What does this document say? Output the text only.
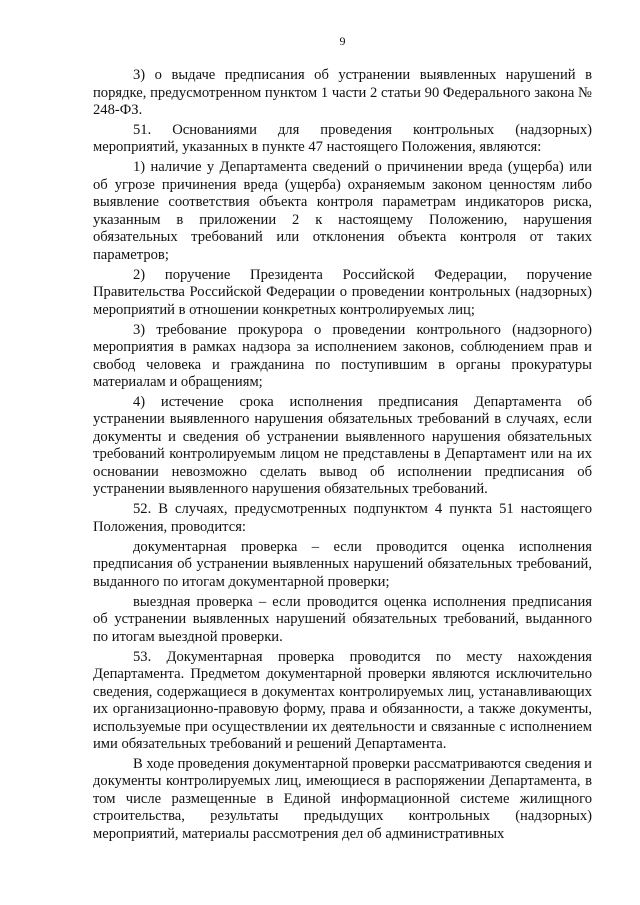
9

3) о выдаче предписания об устранении выявленных нарушений в порядке, предусмотренном пунктом 1 части 2 статьи 90 Федерального закона № 248-ФЗ.

51. Основаниями для проведения контрольных (надзорных) мероприятий, указанных в пункте 47 настоящего Положения, являются:

1) наличие у Департамента сведений о причинении вреда (ущерба) или об угрозе причинения вреда (ущерба) охраняемым законом ценностям либо выявление соответствия объекта контроля параметрам индикаторов риска, указанным в приложении 2 к настоящему Положению, нарушения обязательных требований или отклонения объекта контроля от таких параметров;

2) поручение Президента Российской Федерации, поручение Правительства Российской Федерации о проведении контрольных (надзорных) мероприятий в отношении конкретных контролируемых лиц;

3) требование прокурора о проведении контрольного (надзорного) мероприятия в рамках надзора за исполнением законов, соблюдением прав и свобод человека и гражданина по поступившим в органы прокуратуры материалам и обращениям;

4) истечение срока исполнения предписания Департамента об устранении выявленного нарушения обязательных требований в случаях, если документы и сведения об устранении выявленного нарушения обязательных требований контролируемым лицом не представлены в Департамент или на их основании невозможно сделать вывод об исполнении предписания об устранении выявленного нарушения обязательных требований.

52. В случаях, предусмотренных подпунктом 4 пункта 51 настоящего Положения, проводится:

документарная проверка – если проводится оценка исполнения предписания об устранении выявленных нарушений обязательных требований, выданного по итогам документарной проверки;

выездная проверка – если проводится оценка исполнения предписания об устранении выявленных нарушений обязательных требований, выданного по итогам выездной проверки.

53. Документарная проверка проводится по месту нахождения Департамента. Предметом документарной проверки являются исключительно сведения, содержащиеся в документах контролируемых лиц, устанавливающих их организационно-правовую форму, права и обязанности, а также документы, используемые при осуществлении их деятельности и связанные с исполнением ими обязательных требований и решений Департамента.

В ходе проведения документарной проверки рассматриваются сведения и документы контролируемых лиц, имеющиеся в распоряжении Департамента, в том числе размещенные в Единой информационной системе жилищного строительства, результаты предыдущих контрольных (надзорных) мероприятий, материалы рассмотрения дел об административных
